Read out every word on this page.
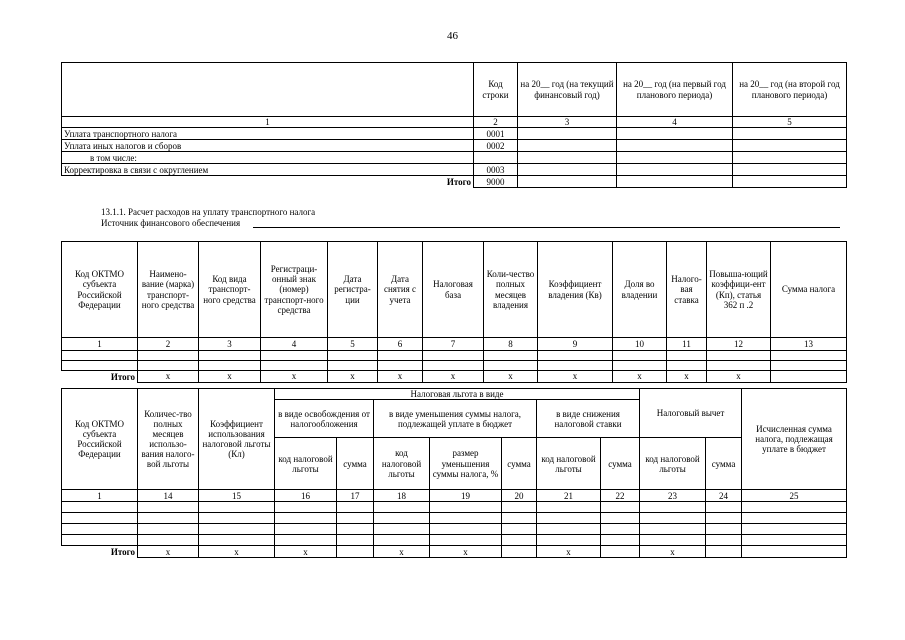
46
	Код строки	на 20__ год (на текущий финансовый год)	на 20__ год (на первый год планового периода)	на 20__ год (на второй год планового периода)
1	2	3	4	5
Уплата транспортного налога	0001			
Уплата иных налогов и сборов	0002			
в том числе:				
Корректировка в связи с округлением	0003			
Итого	9000			
13.1.1. Расчет расходов на уплату транспортного налога
Источник финансового обеспечения
Код ОКТМО субъекта Российской Федерации	Наимено-вание (марка) транспорт-ного средства	Код вида транспорт-ного средства	Регистраци-онный знак (номер) транспорт-ного средства	Дата регистра-ции	Дата снятия с учета	Налоговая база	Коли-чество полных месяцев владения	Коэффициент владения (Кв)	Доля во владении	Налого-вая ставка	Повыша-ющий коэффици-ент (Кп), статья 362 п .2	Сумма налога
1	2	3	4	5	6	7	8	9	10	11	12	13

Итого	х	х	х	х	х	х	х	х	х	х	х	
Код ОКТМО субъекта Российской Федерации	Количес-тво полных месяцев использо-вания налого-вой льготы	Коэффициент использования налоговой льготы (Кл)	Налоговая льгота в виде							Налоговый вычет		Исчисленная сумма налога, подлежащая уплате в бюджет
			в виде освобождения от налогообложения		в виде уменьшения суммы налога, подлежащей уплате в бюджет			в виде снижения налоговой ставки				
			код налоговой льготы	сумма	код налоговой льготы	размер уменьшения суммы налога, %	сумма	код налоговой льготы	сумма	код налоговой льготы	сумма	
1	14	15	16	17	18	19	20	21	22	23	24	25

Итого	х	х	х		х	х		х		х		
